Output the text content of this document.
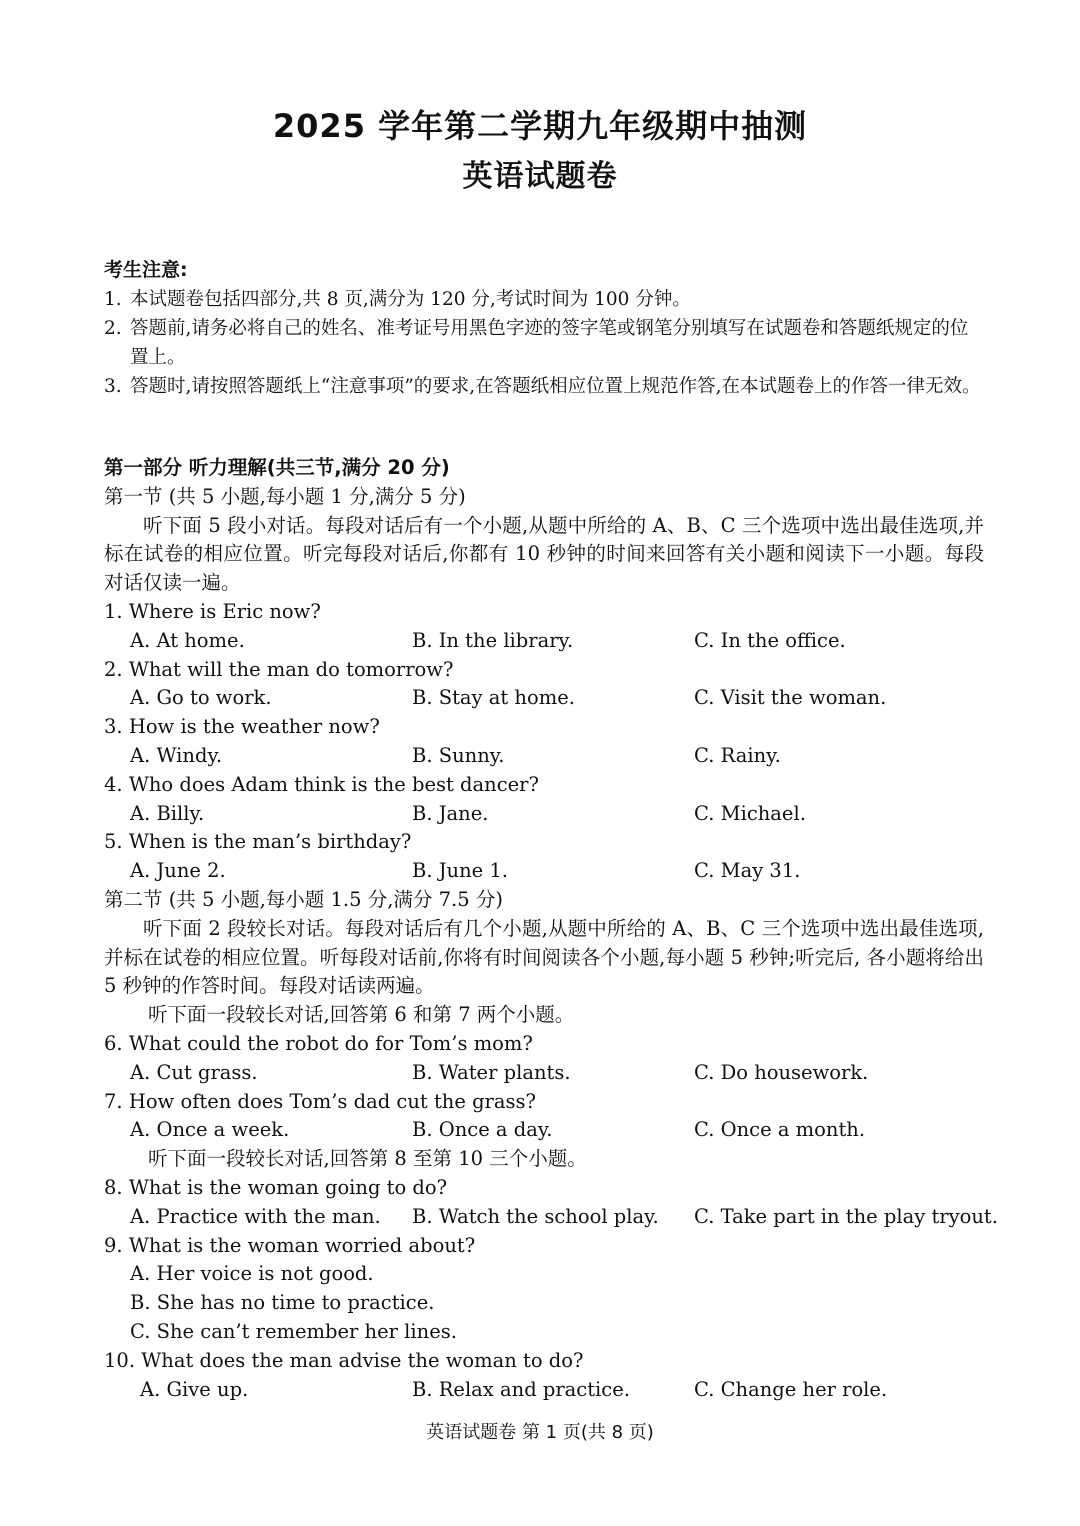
2025 学年第二学期九年级期中抽测
英语试题卷
考生注意:
1. 本试题卷包括四部分,共 8 页,满分为 120 分,考试时间为 100 分钟。
2. 答题前,请务必将自己的姓名、准考证号用黑色字迹的签字笔或钢笔分别填写在试题卷和答题纸规定的位置上。
3. 答题时,请按照答题纸上“注意事项”的要求,在答题纸相应位置上规范作答,在本试题卷上的作答一律无效。
第一部分 听力理解(共三节,满分 20 分)
第一节 (共 5 小题,每小题 1 分,满分 5 分)
听下面 5 段小对话。每段对话后有一个小题,从题中所给的 A、B、C 三个选项中选出最佳选项,并标在试卷的相应位置。听完每段对话后,你都有 10 秒钟的时间来回答有关小题和阅读下一小题。每段对话仅读一遍。
1. Where is Eric now?
A. At home.	B. In the library.	C. In the office.
2. What will the man do tomorrow?
A. Go to work.	B. Stay at home.	C. Visit the woman.
3. How is the weather now?
A. Windy.	B. Sunny.	C. Rainy.
4. Who does Adam think is the best dancer?
A. Billy.	B. Jane.	C. Michael.
5. When is the man’s birthday?
A. June 2.	B. June 1.	C. May 31.
第二节 (共 5 小题,每小题 1.5 分,满分 7.5 分)
听下面 2 段较长对话。每段对话后有几个小题,从题中所给的 A、B、C 三个选项中选出最佳选项,并标在试卷的相应位置。听每段对话前,你将有时间阅读各个小题,每小题 5 秒钟;听完后, 各小题将给出 5 秒钟的作答时间。每段对话读两遍。
听下面一段较长对话,回答第 6 和第 7 两个小题。
6. What could the robot do for Tom’s mom?
A. Cut grass.	B. Water plants.	C. Do housework.
7. How often does Tom’s dad cut the grass?
A. Once a week.	B. Once a day.	C. Once a month.
听下面一段较长对话,回答第 8 至第 10 三个小题。
8. What is the woman going to do?
A. Practice with the man. B. Watch the school play. C. Take part in the play tryout.
9. What is the woman worried about?
A. Her voice is not good.
B. She has no time to practice.
C. She can’t remember her lines.
10. What does the man advise the woman to do?
A. Give up.	B. Relax and practice.	C. Change her role.
英语试题卷 第 1 页(共 8 页)
